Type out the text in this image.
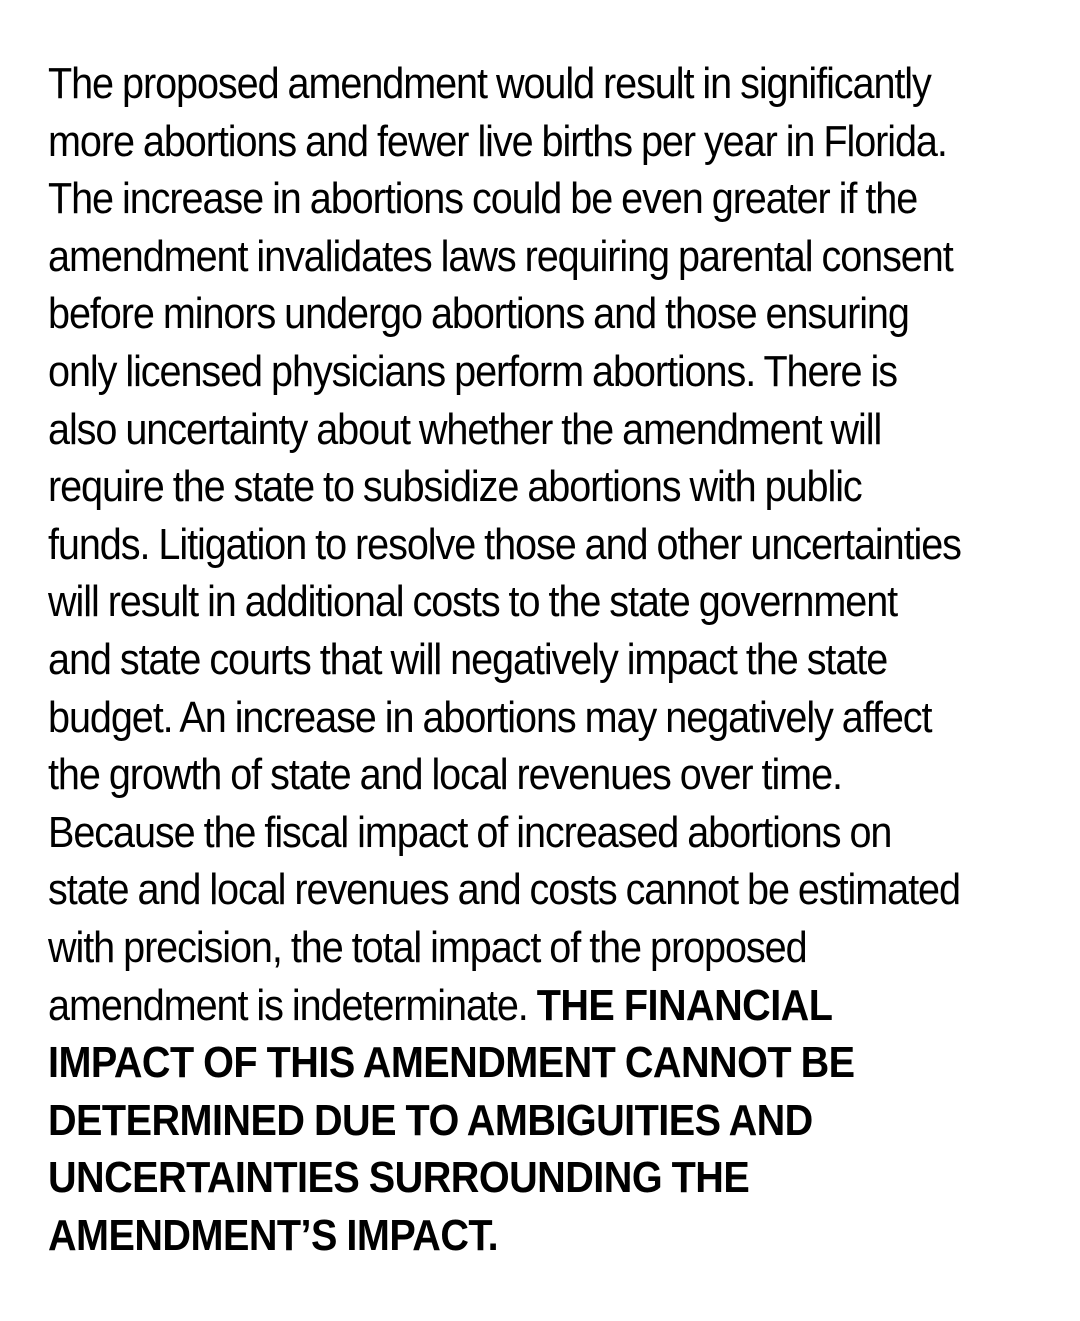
The proposed amendment would result in significantly
more abortions and fewer live births per year in Florida.
The increase in abortions could be even greater if the
amendment invalidates laws requiring parental consent
before minors undergo abortions and those ensuring
only licensed physicians perform abortions. There is
also uncertainty about whether the amendment will
require the state to subsidize abortions with public
funds. Litigation to resolve those and other uncertainties
will result in additional costs to the state government
and state courts that will negatively impact the state
budget. An increase in abortions may negatively affect
the growth of state and local revenues over time.
Because the fiscal impact of increased abortions on
state and local revenues and costs cannot be estimated
with precision, the total impact of the proposed
amendment is indeterminate. THE FINANCIAL
IMPACT OF THIS AMENDMENT CANNOT BE
DETERMINED DUE TO AMBIGUITIES AND
UNCERTAINTIES SURROUNDING THE
AMENDMENT’S IMPACT.
